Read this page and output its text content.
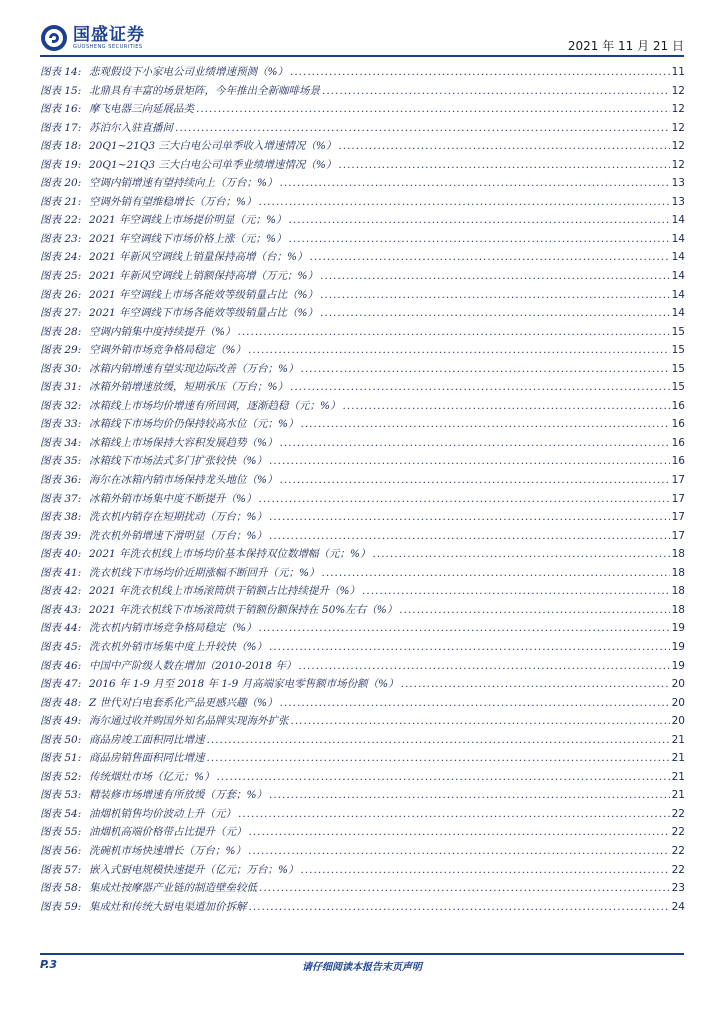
国盛证券
GUOSHENG SECURITIES	2021 年 11 月 21 日
图表 14: 悲观假设下小家电公司业绩增速预测（%） .....	11
图表 15: 北鼎具有丰富的场景矩阵，今年推出全新咖啡场景 .....	12
图表 16: 摩飞电器三向延展品类 .....	12
图表 17: 苏泊尔入驻直播间 .....	12
图表 18: 20Q1~21Q3 三大白电公司单季收入增速情况（%） .....	12
图表 19: 20Q1~21Q3 三大白电公司单季业绩增速情况（%） .....	12
图表 20: 空调内销增速有望持续向上（万台；%） .....	13
图表 21: 空调外销有望维稳增长（万台；%） .....	13
图表 22: 2021 年空调线上市场提价明显（元；%） .....	14
图表 23: 2021 年空调线下市场价格上涨（元；%） .....	14
图表 24: 2021 年新风空调线上销量保持高增（台；%） .....	14
图表 25: 2021 年新风空调线上销额保持高增（万元；%） .....	14
图表 26: 2021 年空调线上市场各能效等级销量占比（%） .....	14
图表 27: 2021 年空调线下市场各能效等级销量占比（%） .....	14
图表 28: 空调内销集中度持续提升（%） .....	15
图表 29: 空调外销市场竞争格局稳定（%） .....	15
图表 30: 冰箱内销增速有望实现边际改善（万台；%） .....	15
图表 31: 冰箱外销增速放缓，短期承压（万台；%） .....	15
图表 32: 冰箱线上市场均价增速有所回调，逐渐趋稳（元；%） .....	16
图表 33: 冰箱线下市场均价仍保持较高水位（元；%） .....	16
图表 34: 冰箱线上市场保持大容积发展趋势（%） .....	16
图表 35: 冰箱线下市场法式多门扩张较快（%） .....	16
图表 36: 海尔在冰箱内销市场保持龙头地位（%） .....	17
图表 37: 冰箱外销市场集中度不断提升（%） .....	17
图表 38: 洗衣机内销存在短期扰动（万台；%） .....	17
图表 39: 洗衣机外销增速下滑明显（万台；%） .....	17
图表 40: 2021 年洗衣机线上市场均价基本保持双位数增幅（元；%） .....	18
图表 41: 洗衣机线下市场均价近期涨幅不断回升（元；%） .....	18
图表 42: 2021 年洗衣机线上市场滚筒烘干销额占比持续提升（%） .....	18
图表 43: 2021 年洗衣机线下市场滚筒烘干销额份额保持在 50%左右（%） .....	18
图表 44: 洗衣机内销市场竞争格局稳定（%） .....	19
图表 45: 洗衣机外销市场集中度上升较快（%） .....	19
图表 46: 中国中产阶级人数在增加（2010-2018 年） .....	19
图表 47: 2016 年 1-9 月至 2018 年 1-9 月高端家电零售额市场份额（%） .....	20
图表 48: Z 世代对白电套系化产品更感兴趣（%） .....	20
图表 49: 海尔通过收并购国外知名品牌实现海外扩张 .....	20
图表 50: 商品房竣工面积同比增速 .....	21
图表 51: 商品房销售面积同比增速 .....	21
图表 52: 传统烟灶市场（亿元；%） .....	21
图表 53: 精装修市场增速有所放缓（万套；%） .....	21
图表 54: 油烟机销售均价波动上升（元） .....	22
图表 55: 油烟机高端价格带占比提升（元） .....	22
图表 56: 洗碗机市场快速增长（万台；%） .....	22
图表 57: 嵌入式厨电规模快速提升（亿元；万台；%） .....	22
图表 58: 集成灶按摩器产业链的制造壁垒较低 .....	23
图表 59: 集成灶和传统大厨电渠道加价拆解 .....	24
P.3	请仔细阅读本报告末页声明
